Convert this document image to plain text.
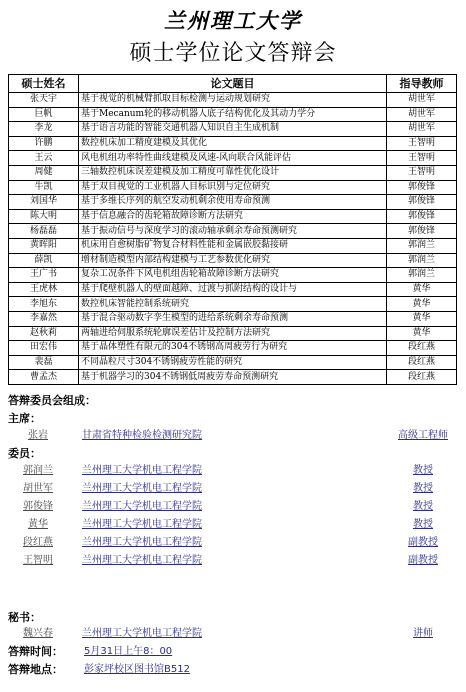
兰州理工大学
硕士学位论文答辩会
硕士姓名	论文题目	指导教师
张天宇	基于视觉的机械臂抓取目标检测与运动规划研究	胡世军
巨帆	基于Mecanum轮的移动机器人底子结构优化及其动力学分	胡世军
李龙	基于语言功能的智能交通机器人知识自主生成机制	胡世军
许鹏	数控机床加工精度建模及其优化	王智明
王云	风电机组功率特性曲线建模及风速-风向联合风能评估	王智明
周健	三轴数控机床误差建模及加工精度可靠性优化设计	王智明
牛凯	基于双目视觉的工业机器人目标识别与定位研究	郭俊锋
刘国华	基于多维长序列的航空发动机剩余使用寿命预测	郭俊锋
陈大明	基于信息融合的齿轮箱故障诊断方法研究	郭俊锋
杨磊磊	基于振动信号与深度学习的滚动轴承剩余寿命预测研究	郭俊锋
黄晖阳	机床用自愈树脂矿物复合材料性能和金属嵌胶黏接研	郭润兰
薛凯	增材制造模型内部结构建模与工艺参数优化研究	郭润兰
王广书	复杂工况条件下风电机组齿轮箱故障诊断方法研究	郭润兰
王虎林	基于爬壁机器人的壁面越障、过渡与抓附结构的设计与	黄华
李旭东	数控机床智能控制系统研究	黄华
李嘉然	基于混合驱动数字孪生模型的进给系统剩余寿命预测	黄华
赵秋莉	两轴进给伺服系统轮廓误差估计及控制方法研究	黄华
田宏伟	基于晶体塑性有限元的304不锈钢高周疲劳行为研究	段红燕
裴磊	不同晶粒尺寸304不锈钢疲劳性能的研究	段红燕
曹孟杰	基于机器学习的304不锈钢低周疲劳寿命预测研究	段红燕
答辩委员会组成：
主席：
张岩	甘肃省特种检验检测研究院	高级工程师
委员：
郭润兰	兰州理工大学机电工程学院	教授
胡世军	兰州理工大学机电工程学院	教授
郭俊锋	兰州理工大学机电工程学院	教授
黄华	兰州理工大学机电工程学院	教授
段红燕	兰州理工大学机电工程学院	副教授
王智明	兰州理工大学机电工程学院	副教授
秘书：
魏兴春	兰州理工大学机电工程学院	讲师
答辩时间： 5月31日上午8：00
答辩地点： 彭家坪校区图书馆B512
